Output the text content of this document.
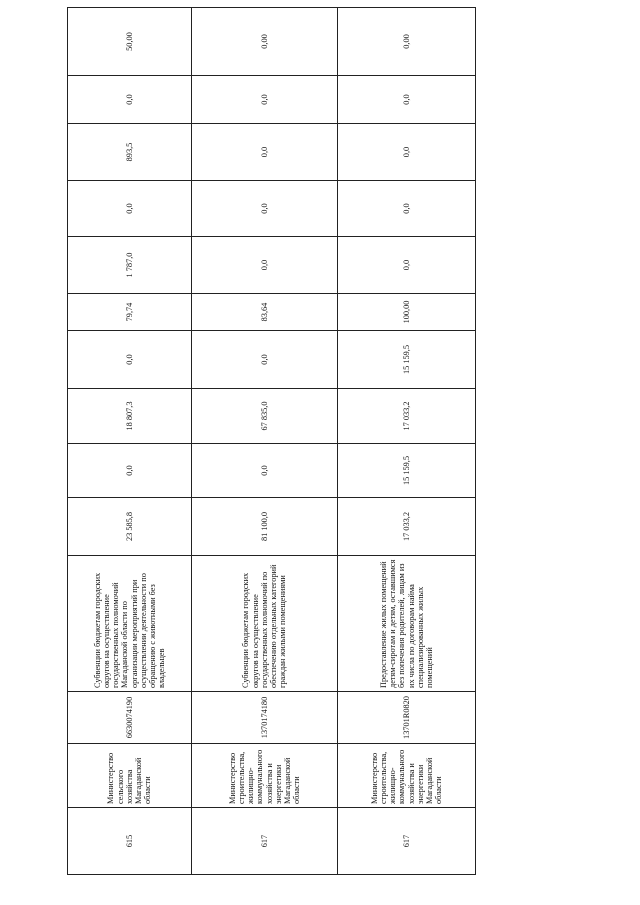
615	Министерство сельского хозяйства Магаданской области	6630074190	Субвенции бюджетам городских округов на осуществление государственных полномочий Магаданской области по организации мероприятий при осуществлении деятельности по обращению с животными без владельцев	23 585,8	0,0	18 807,3	0,0	79,74	1 787,0	0,0	893,5	0,0	50,00
617	Министерство строительства, жилищно-коммунального хозяйства и энергетики Магаданской области	1370174180	Субвенции бюджетам городских округов на осуществление государственных полномочий по обеспечению отдельных категорий граждан жилыми помещениями	81 100,0	0,0	67 835,0	0,0	83,64	0,0	0,0	0,0	0,0	0,00
617	Министерство строительства, жилищно-коммунального хозяйства и энергетики Магаданской области	13701R0820	Предоставление жилых помещений детям-сиротам и детям, оставшимся без попечения родителей, лицам из их числа по договорам найма специализированных жилых помещений	17 033,2	15 159,5	17 033,2	15 159,5	100,00	0,0	0,0	0,0	0,0	0,00
